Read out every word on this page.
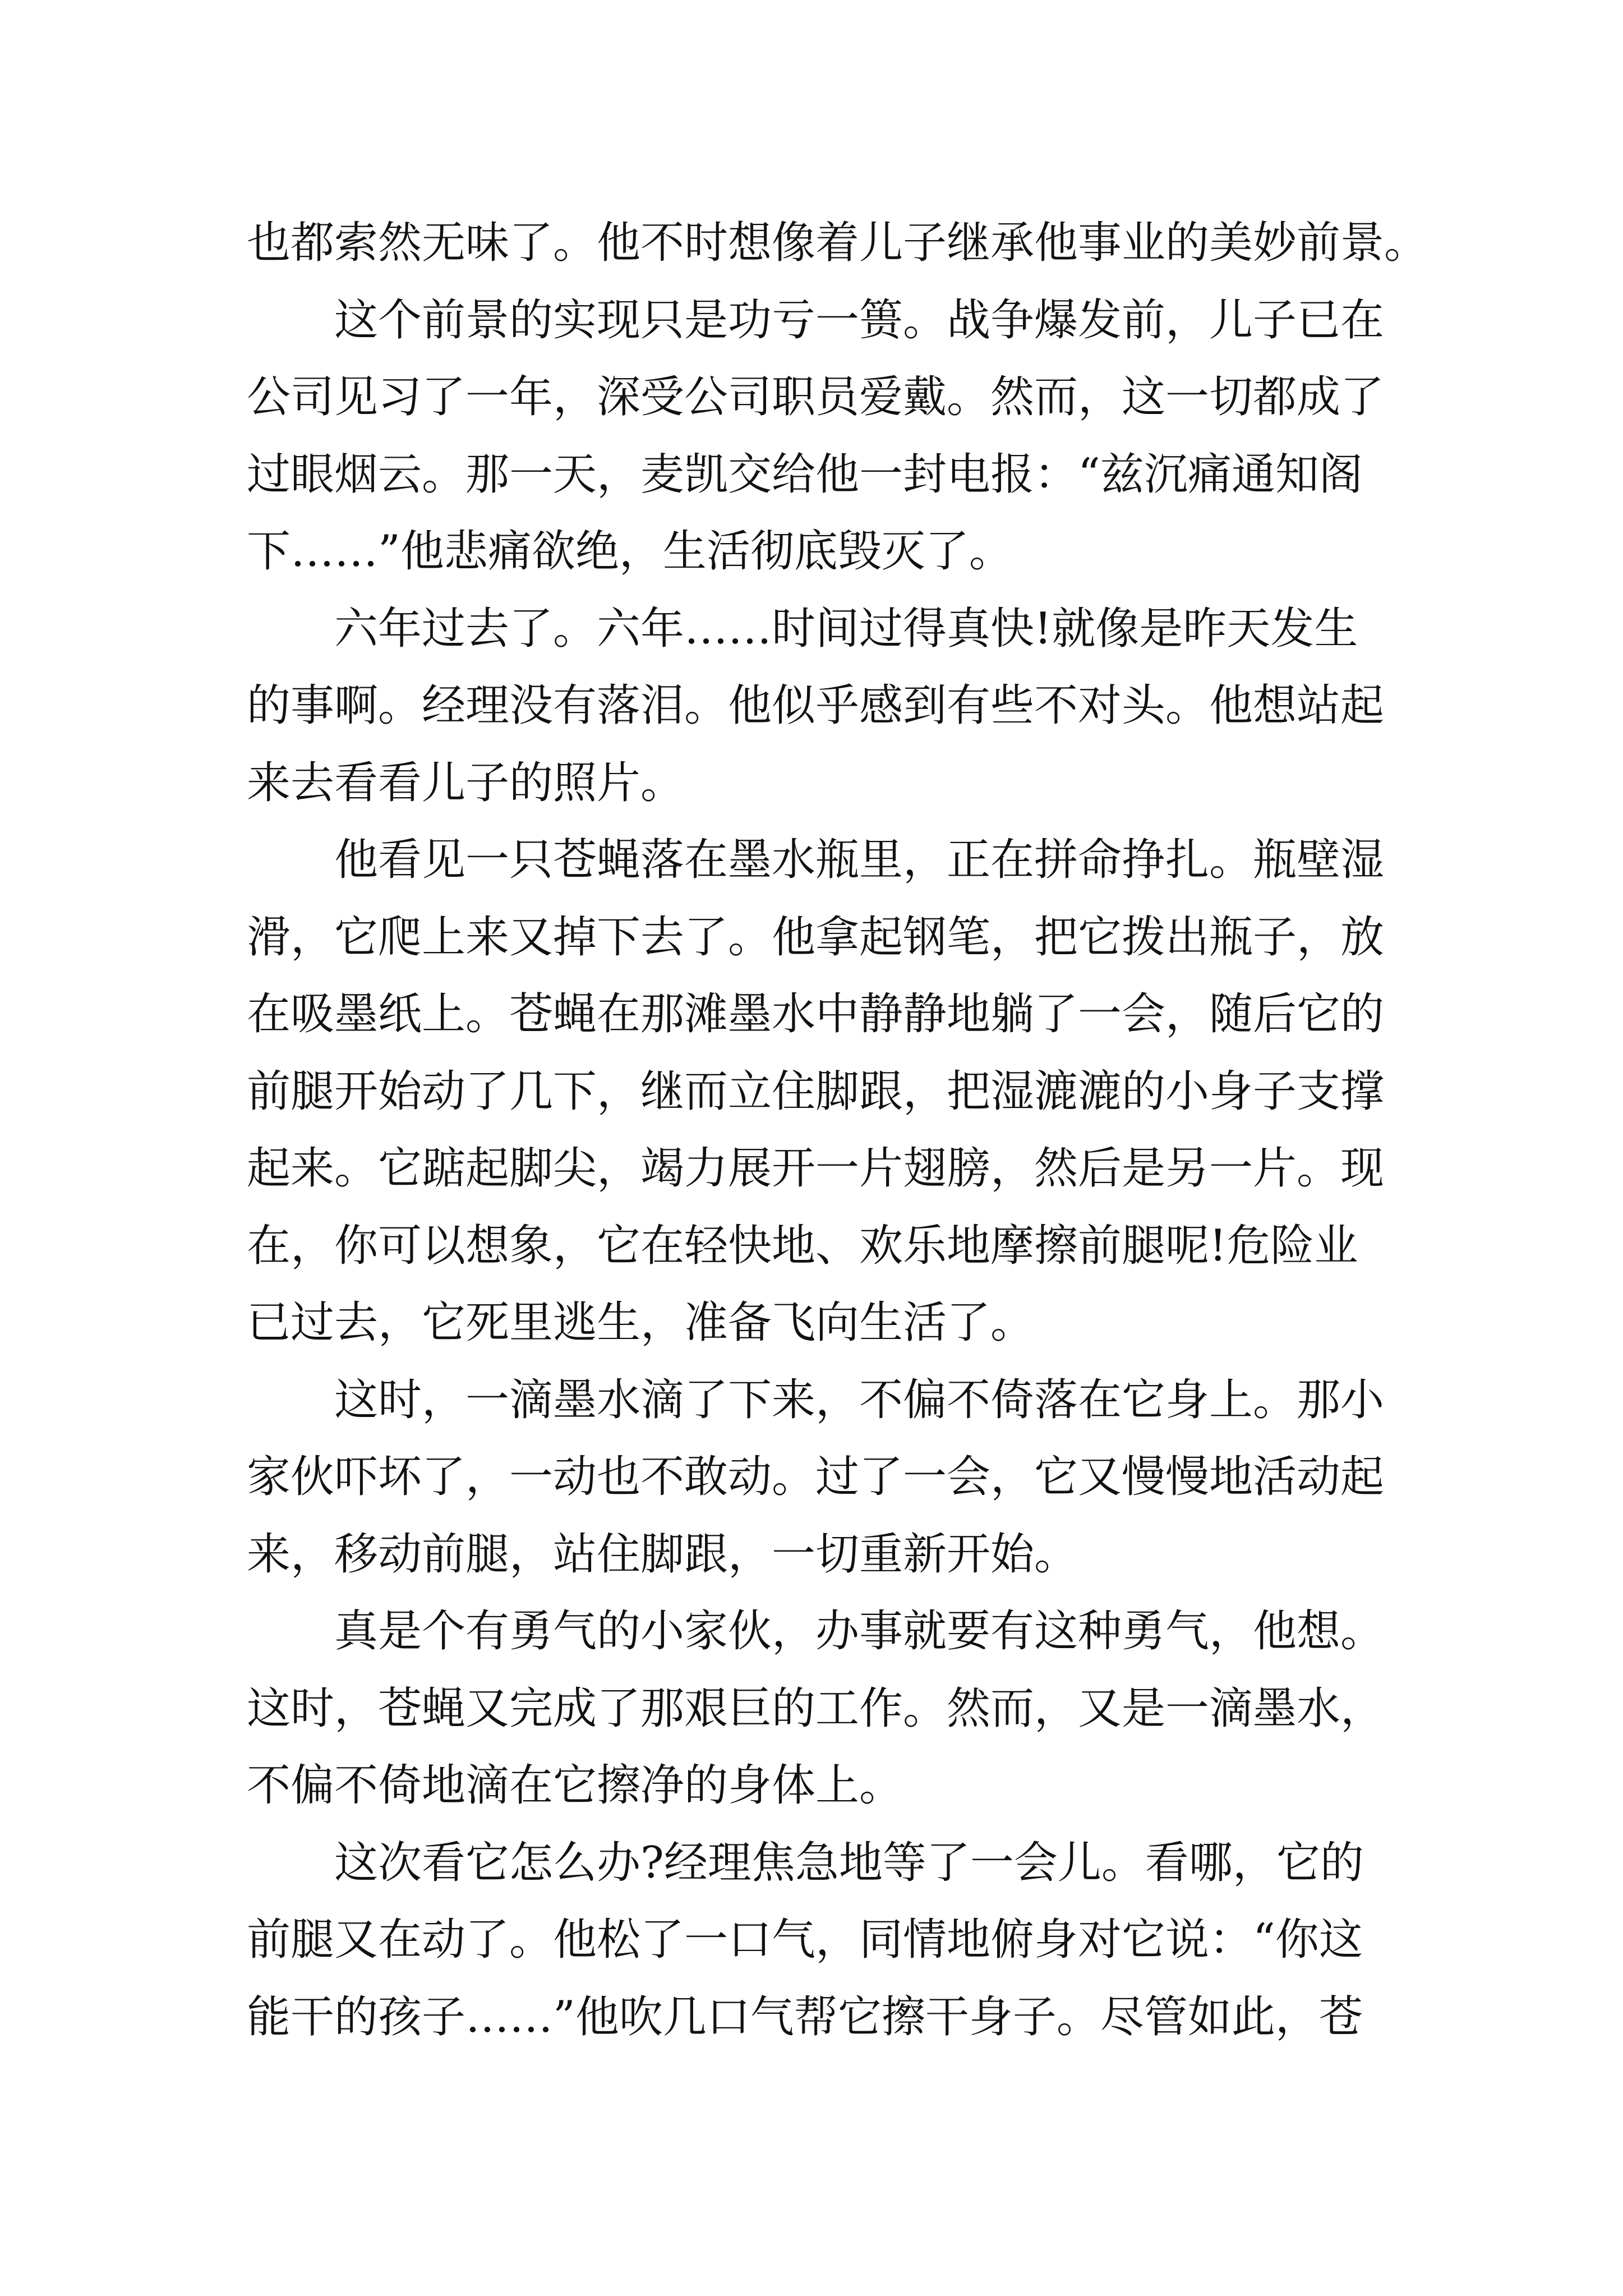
也都索然无味了。他不时想像着儿子继承他事业的美妙前景。
这个前景的实现只是功亏一篑。战争爆发前，儿子已在
公司见习了一年，深受公司职员爱戴。然而，这一切都成了
过眼烟云。那一天，麦凯交给他一封电报：“兹沉痛通知阁
下……”他悲痛欲绝，生活彻底毁灭了。
六年过去了。六年……时间过得真快!就像是昨天发生
的事啊。经理没有落泪。他似乎感到有些不对头。他想站起
来去看看儿子的照片。
他看见一只苍蝇落在墨水瓶里，正在拼命挣扎。瓶壁湿
滑，它爬上来又掉下去了。他拿起钢笔，把它拨出瓶子，放
在吸墨纸上。苍蝇在那滩墨水中静静地躺了一会，随后它的
前腿开始动了几下，继而立住脚跟，把湿漉漉的小身子支撑
起来。它踮起脚尖，竭力展开一片翅膀，然后是另一片。现
在，你可以想象，它在轻快地、欢乐地摩擦前腿呢!危险业
已过去，它死里逃生，准备飞向生活了。
这时，一滴墨水滴了下来，不偏不倚落在它身上。那小
家伙吓坏了，一动也不敢动。过了一会，它又慢慢地活动起
来，移动前腿，站住脚跟，一切重新开始。
真是个有勇气的小家伙，办事就要有这种勇气，他想。
这时，苍蝇又完成了那艰巨的工作。然而，又是一滴墨水，
不偏不倚地滴在它擦净的身体上。
这次看它怎么办?经理焦急地等了一会儿。看哪，它的
前腿又在动了。他松了一口气，同情地俯身对它说：“你这
能干的孩子……”他吹几口气帮它擦干身子。尽管如此，苍
